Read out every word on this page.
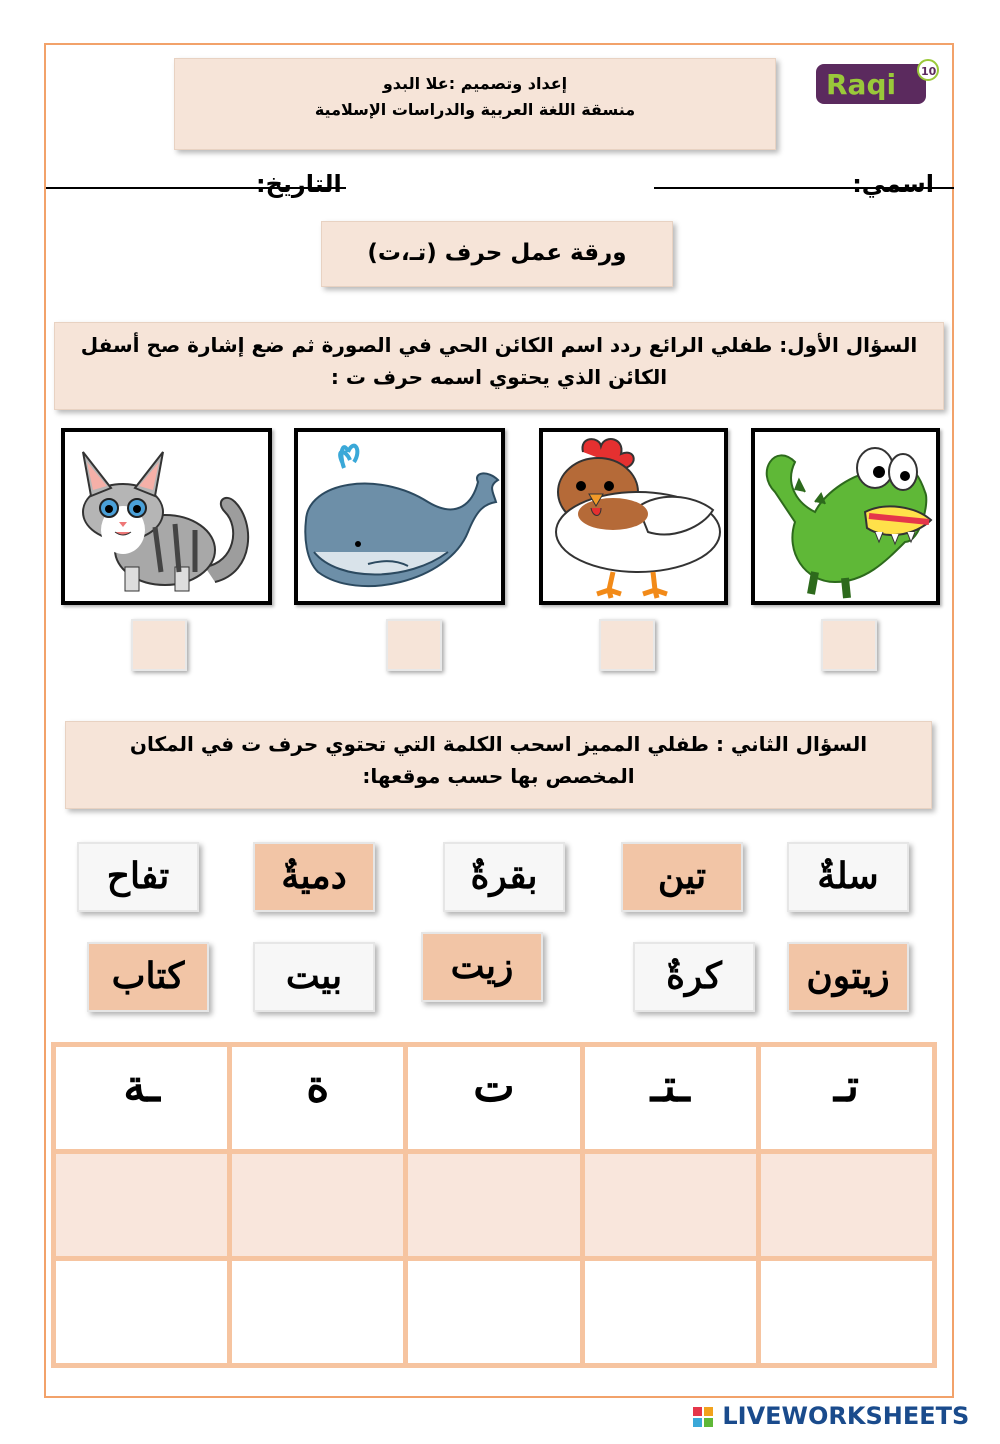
Raqi 10
إعداد وتصميم :علا البدو
منسقة اللغة العربية والدراسات الإسلامية
اسمي:
التاريخ:
ورقة عمل حرف (تـ،ت)
السؤال الأول: طفلي الرائع ردد اسم الكائن الحي في الصورة ثم ضع إشارة صح أسفل
الكائن الذي يحتوي اسمه حرف ت :
السؤال الثاني : طفلي المميز اسحب الكلمة التي تحتوي حرف ت في المكان
المخصص بها حسب موقعها:
سلةٌ
تين
بقرةٌ
دميةٌ
تفاح
زيتون
كرةٌ
زيت
بيت
كتاب
تـ
ـتـ
ت
ة
ـة
LIVEWORKSHEETS
